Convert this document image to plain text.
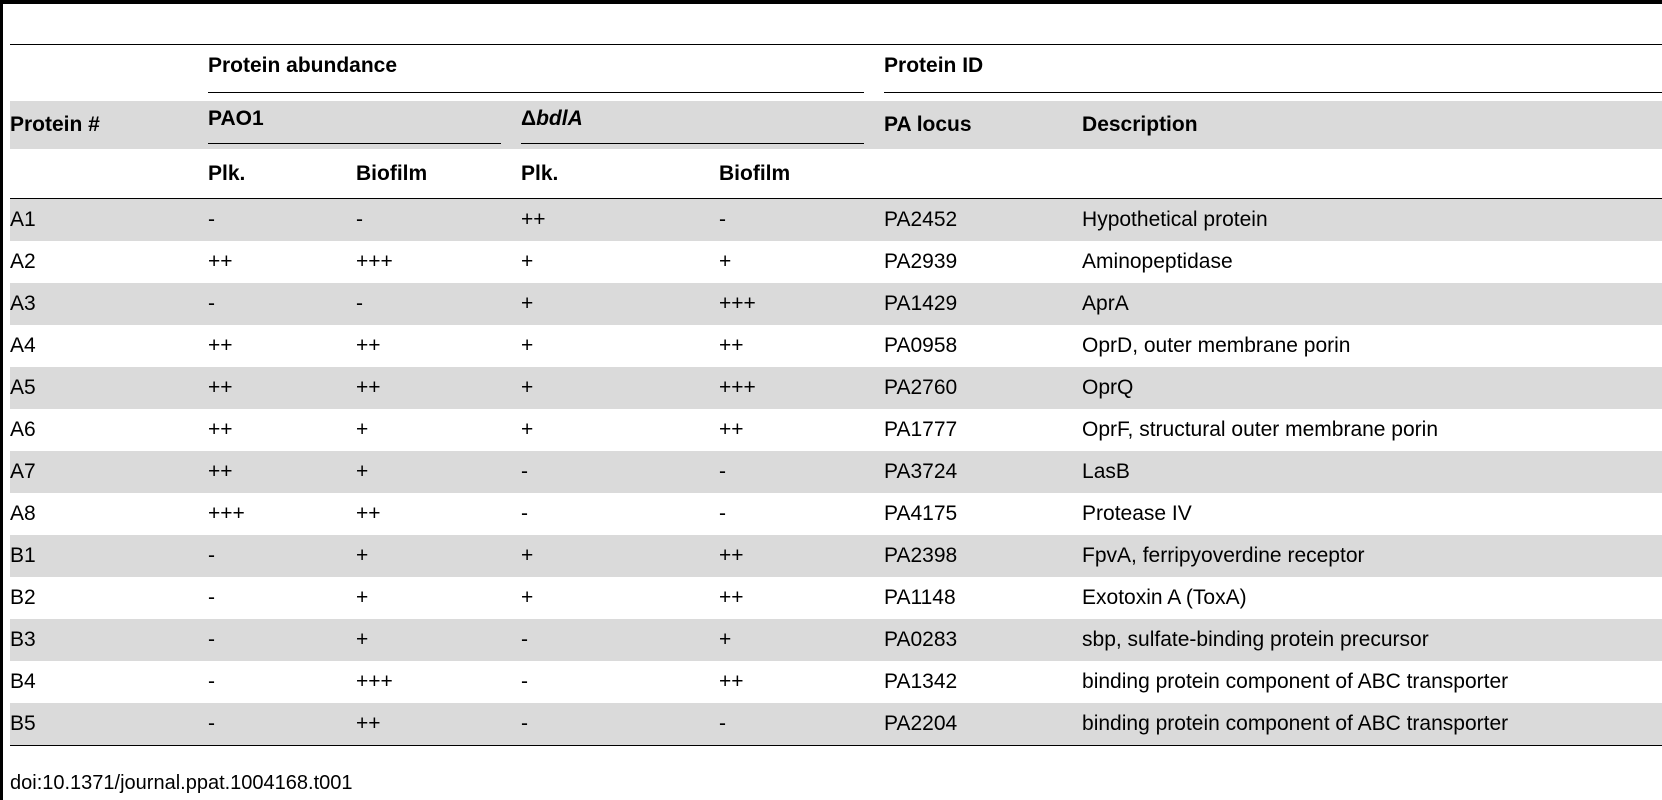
	Protein abundance				Protein ID	

Protein #	PAO1		ΔbdlA		PA locus	Description
	Plk.	Biofilm	Plk.	Biofilm		
A1	-	-	++	-	PA2452	Hypothetical protein
A2	++	+++	+	+	PA2939	Aminopeptidase
A3	-	-	+	+++	PA1429	AprA
A4	++	++	+	++	PA0958	OprD, outer membrane porin
A5	++	++	+	+++	PA2760	OprQ
A6	++	+	+	++	PA1777	OprF, structural outer membrane porin
A7	++	+	-	-	PA3724	LasB
A8	+++	++	-	-	PA4175	Protease IV
B1	-	+	+	++	PA2398	FpvA, ferripyoverdine receptor
B2	-	+	+	++	PA1148	Exotoxin A (ToxA)
B3	-	+	-	+	PA0283	sbp, sulfate-binding protein precursor
B4	-	+++	-	++	PA1342	binding protein component of ABC transporter
B5	-	++	-	-	PA2204	binding protein component of ABC transporter
doi:10.1371/journal.ppat.1004168.t001
